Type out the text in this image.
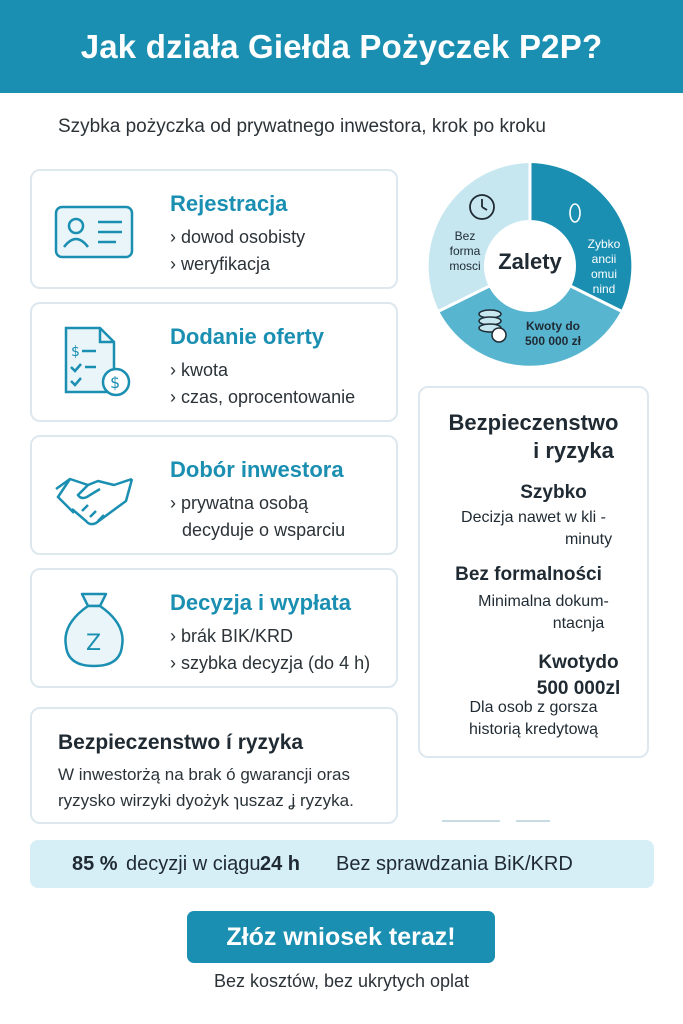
Jak działa Giełda Pożyczek P2P?
Szybka pożyczka od prywatnego inwestora, krok po kroku
Rejestracja
› dowod osobisty
› weryfikacja
$
$
Dodanie oferty
› kwota
› czas, oprоcentowanie
Dobór inwestora
› prywatna osobą
decyduje o wsparciu
Z
Decyzja i wypłata
› brák BIK/KRD
› szybka decyzja (do 4 h)
Bezpieczenstwo í ryzyka
W inwestorżą na brak ó gwarancji oras
ryzysko wirzyki dyożyk ɿuszaz ʝ ryzyka.
Zalety
Bez
forma
mosci
Zybko
ancii
omui
nind
Kwoty do
500 000 zł
Bezpieczenstwo
i ryzyka
Szybko
Decizja nawet w kli -
minuty
Bez formalności
Minimalna dokum-
ntacnja
Kwotydo
500 000zl
Dla osob z gorsza
historią kredytową
85 % decyzji w ciągu 24 h Bez sprawdzania BiK/KRD
Złóz wniosek teraz!
Bez kosztów, bez ukrytych oplat
